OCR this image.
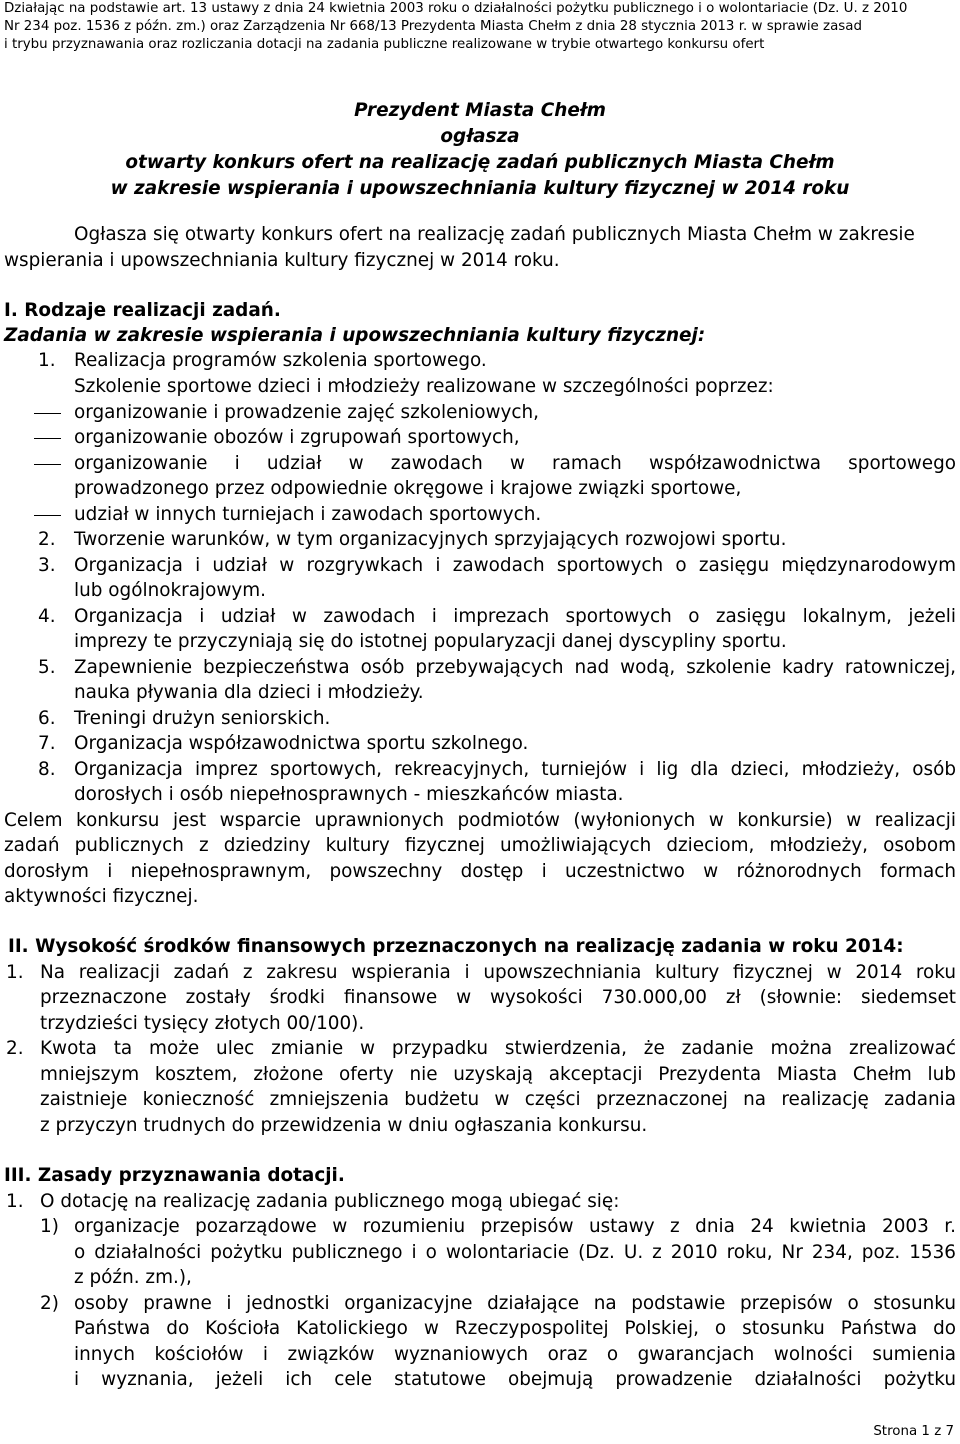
Działając na podstawie art. 13 ustawy z dnia 24 kwietnia 2003 roku o działalności pożytku publicznego i o wolontariacie (Dz. U. z 2010
Nr 234 poz. 1536 z późn. zm.) oraz Zarządzenia Nr 668/13 Prezydenta Miasta Chełm z dnia 28 stycznia 2013 r. w sprawie zasad
i trybu przyznawania oraz rozliczania dotacji na zadania publiczne realizowane w trybie otwartego konkursu ofert
Prezydent Miasta Chełm
ogłasza
otwarty konkurs ofert na realizację zadań publicznych Miasta Chełm
w zakresie wspierania i upowszechniania kultury fizycznej w 2014 roku
Ogłasza się otwarty konkurs ofert na realizację zadań publicznych Miasta Chełm w zakresie
wspierania i upowszechniania kultury fizycznej w 2014 roku.
I. Rodzaje realizacji zadań.
Zadania w zakresie wspierania i upowszechniania kultury fizycznej:
1. Realizacja programów szkolenia sportowego.
Szkolenie sportowe dzieci i młodzieży realizowane w szczególności poprzez:
organizowanie i prowadzenie zajęć szkoleniowych,
organizowanie obozów i zgrupowań sportowych,
organizowanie i udział w zawodach w ramach współzawodnictwa sportowego
prowadzonego przez odpowiednie okręgowe i krajowe związki sportowe,
udział w innych turniejach i zawodach sportowych.
2. Tworzenie warunków, w tym organizacyjnych sprzyjających rozwojowi sportu.
3. Organizacja i udział w rozgrywkach i zawodach sportowych o zasięgu międzynarodowym
lub ogólnokrajowym.
4. Organizacja i udział w zawodach i imprezach sportowych o zasięgu lokalnym, jeżeli
imprezy te przyczyniają się do istotnej popularyzacji danej dyscypliny sportu.
5. Zapewnienie bezpieczeństwa osób przebywających nad wodą, szkolenie kadry ratowniczej,
nauka pływania dla dzieci i młodzieży.
6. Treningi drużyn seniorskich.
7. Organizacja współzawodnictwa sportu szkolnego.
8. Organizacja imprez sportowych, rekreacyjnych, turniejów i lig dla dzieci, młodzieży, osób
dorosłych i osób niepełnosprawnych - mieszkańców miasta.
Celem konkursu jest wsparcie uprawnionych podmiotów (wyłonionych w konkursie) w realizacji
zadań publicznych z dziedziny kultury fizycznej umożliwiających dzieciom, młodzieży, osobom
dorosłym i niepełnosprawnym, powszechny dostęp i uczestnictwo w różnorodnych formach
aktywności fizycznej.
II. Wysokość środków finansowych przeznaczonych na realizację zadania w roku 2014:
1. Na realizacji zadań z zakresu wspierania i upowszechniania kultury fizycznej w 2014 roku
przeznaczone zostały środki finansowe w wysokości 730.000,00 zł (słownie: siedemset
trzydzieści tysięcy złotych 00/100).
2. Kwota ta może ulec zmianie w przypadku stwierdzenia, że zadanie można zrealizować
mniejszym kosztem, złożone oferty nie uzyskają akceptacji Prezydenta Miasta Chełm lub
zaistnieje konieczność zmniejszenia budżetu w części przeznaczonej na realizację zadania
z przyczyn trudnych do przewidzenia w dniu ogłaszania konkursu.
III. Zasady przyznawania dotacji.
1. O dotację na realizację zadania publicznego mogą ubiegać się:
1) organizacje pozarządowe w rozumieniu przepisów ustawy z dnia 24 kwietnia 2003 r.
o działalności pożytku publicznego i o wolontariacie (Dz. U. z 2010 roku, Nr 234, poz. 1536
z późn. zm.),
2) osoby prawne i jednostki organizacyjne działające na podstawie przepisów o stosunku
Państwa do Kościoła Katolickiego w Rzeczypospolitej Polskiej, o stosunku Państwa do
innych kościołów i związków wyznaniowych oraz o gwarancjach wolności sumienia
i wyznania, jeżeli ich cele statutowe obejmują prowadzenie działalności pożytku
Strona 1 z 7
